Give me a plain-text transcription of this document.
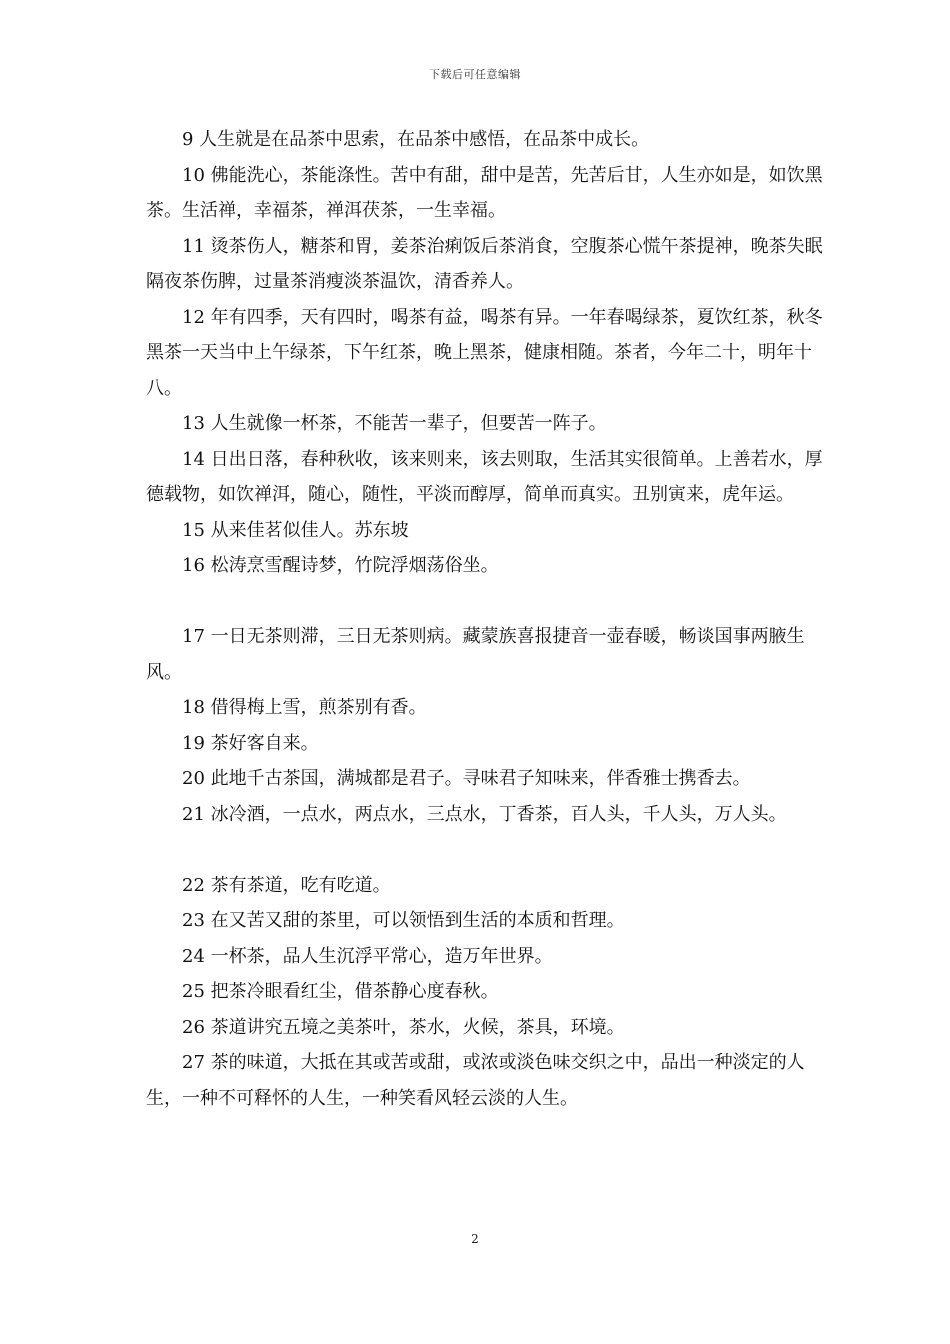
下载后可任意编辑

9 人生就是在品茶中思索，在品茶中感悟，在品茶中成长。

10 佛能洗心，茶能涤性。苦中有甜，甜中是苦，先苦后甘，人生亦如是，如饮黑茶。生活禅，幸福茶，禅洱茯茶，一生幸福。

11 烫茶伤人，糖茶和胃，姜茶治痢饭后茶消食，空腹茶心慌午茶提神，晚茶失眠隔夜茶伤脾，过量茶消瘦淡茶温饮，清香养人。

12 年有四季，天有四时，喝茶有益，喝茶有异。一年春喝绿茶，夏饮红茶，秋冬黑茶一天当中上午绿茶，下午红茶，晚上黑茶，健康相随。茶者，今年二十，明年十八。

13 人生就像一杯茶，不能苦一辈子，但要苦一阵子。

14 日出日落，春种秋收，该来则来，该去则取，生活其实很简单。上善若水，厚德载物，如饮禅洱，随心，随性，平淡而醇厚，简单而真实。丑别寅来，虎年运。

15 从来佳茗似佳人。苏东坡

16 松涛烹雪醒诗梦，竹院浮烟荡俗坐。

17 一日无茶则滞，三日无茶则病。藏蒙族喜报捷音一壶春暖，畅谈国事两腋生风。

18 借得梅上雪，煎茶别有香。

19 茶好客自来。

20 此地千古茶国，满城都是君子。寻味君子知味来，伴香雅士携香去。

21 冰冷酒，一点水，两点水，三点水，丁香茶，百人头，千人头，万人头。

22 茶有茶道，吃有吃道。

23 在又苦又甜的茶里，可以领悟到生活的本质和哲理。

24 一杯茶，品人生沉浮平常心，造万年世界。

25 把茶冷眼看红尘，借茶静心度春秋。

26 茶道讲究五境之美茶叶，茶水，火候，茶具，环境。

27 茶的味道，大抵在其或苦或甜，或浓或淡色味交织之中，品出一种淡定的人生，一种不可释怀的人生，一种笑看风轻云淡的人生。

2
